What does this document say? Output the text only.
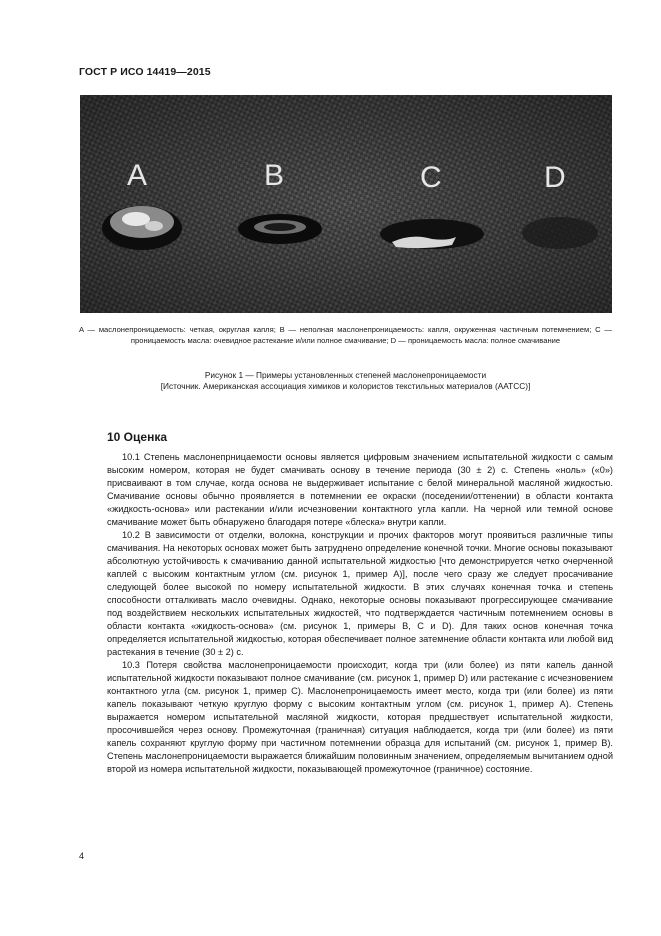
ГОСТ Р ИСО 14419—2015
A	B	C	D
A — маслонепроницаемость: четкая, округлая капля; B — неполная маслонепроницаемость: капля, окруженная частичным потемнением; C — проницаемость масла: очевидное растекание и/или полное смачивание; D — проницаемость масла: полное смачивание
Рисунок 1 — Примеры установленных степеней маслонепроницаемости
[Источник. Американская ассоциация химиков и колористов текстильных материалов (AATCC)]
10 Оценка

10.1 Степень маслонепрницаемости основы является цифровым значением испытательной жидкости с самым высоким номером, которая не будет смачивать основу в течение периода (30 ± 2) с. Степень «ноль» («0») присваивают в том случае, когда основа не выдерживает испытание с белой минеральной масляной жидкостью. Смачивание основы обычно проявляется в потемнении ее окраски (поседении/оттенении) в области контакта «жидкость-основа» или растекании и/или исчезновении контактного угла капли. На черной или темной основе смачивание может быть обнаружено благодаря потере «блеска» внутри капли.

10.2 В зависимости от отделки, волокна, конструкции и прочих факторов могут проявиться различные типы смачивания. На некоторых основах может быть затруднено определение конечной точки. Многие основы показывают абсолютную устойчивость к смачиванию данной испытательной жидкостью [что демонстрируется четко очерченной каплей с высоким контактным углом (см. рисунок 1, пример A)], после чего сразу же следует просачивание следующей более высокой по номеру испытательной жидкости. В этих случаях конечная точка и степень способности отталкивать масло очевидны. Однако, некоторые основы показывают прогрессирующее смачивание под воздействием нескольких испытательных жидкостей, что подтверждается частичным потемнением основы в области контакта «жидкость-основа» (см. рисунок 1, примеры B, C и D). Для таких основ конечная точка определяется испытательной жидкостью, которая обеспечивает полное затемнение области контакта или любой вид растекания в течение (30 ± 2) с.

10.3 Потеря свойства маслонепроницаемости происходит, когда три (или более) из пяти капель данной испытательной жидкости показывают полное смачивание (см. рисунок 1, пример D) или растекание с исчезновением контактного угла (см. рисунок 1, пример C). Маслонепроницаемость имеет место, когда три (или более) из пяти капель показывают четкую круглую форму с высоким контактным углом (см. рисунок 1, пример A). Степень выражается номером испытательной масляной жидкости, которая предшествует испытательной жидкости, просочившейся через основу. Промежуточная (граничная) ситуация наблюдается, когда три (или более) из пяти капель сохраняют круглую форму при частичном потемнении образца для испытаний (см. рисунок 1, пример B). Степень маслонепроницаемости выражается ближайшим половинным значением, определяемым вычитанием одной второй из номера испытательной жидкости, показывающей промежуточное (граничное) состояние.

4
